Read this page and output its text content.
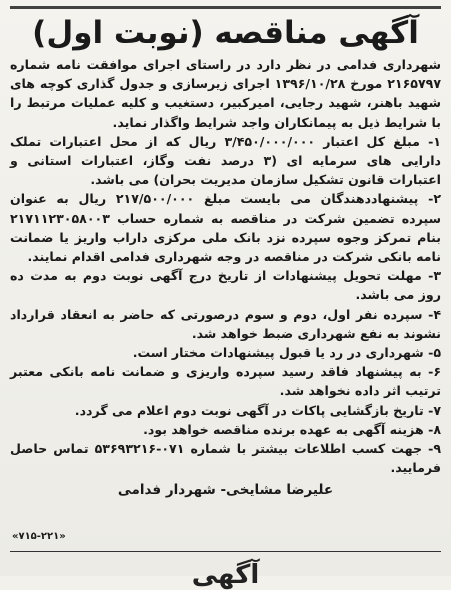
آگهی مناقصه (نوبت اول)

شهرداری فدامی در نظر دارد در راستای اجرای موافقت نامه شماره ۲۱۶۵۷۹۷ مورخ ۱۳۹۶/۱۰/۲۸ اجرای زیرسازی و جدول گذاری کوچه های شهید باهنر، شهید رجایی، امیرکبیر، دستغیب و کلیه عملیات مرتبط را با شرایط ذیل به پیمانکاران واجد شرایط واگذار نماید.

۱- مبلغ کل اعتبار ۳/۴۵۰/۰۰۰/۰۰۰ ریال که از محل اعتبارات تملک دارایی های سرمایه ای (۳ درصد نفت وگاز، اعتبارات استانی و اعتبارات قانون تشکیل سازمان مدیریت بحران) می باشد.

۲- پیشنهاددهندگان می بایست مبلغ ۲۱۷/۵۰۰/۰۰۰ ریال به عنوان سپرده تضمین شرکت در مناقصه به شماره حساب ۲۱۷۱۱۲۳۰۵۸۰۰۳ بنام تمرکز وجوه سپرده نزد بانک ملی مرکزی داراب واریز یا ضمانت نامه بانکی شرکت در مناقصه در وجه شهرداری فدامی اقدام نمایند.

۳- مهلت تحویل پیشنهادات از تاریخ درج آگهی نوبت دوم به مدت ده روز می باشد.

۴- سپرده نفر اول، دوم و سوم درصورتی که حاضر به انعقاد قرارداد نشوند به نفع شهرداری ضبط خواهد شد.

۵- شهرداری در رد یا قبول پیشنهادات مختار است.

۶- به پیشنهاد فاقد رسید سپرده واریزی و ضمانت نامه بانکی معتبر ترتیب اثر داده نخواهد شد.

۷- تاریخ بازگشایی پاکات در آگهی نوبت دوم اعلام می گردد.

۸- هزینه آگهی به عهده برنده مناقصه خواهد بود.

۹- جهت کسب اطلاعات بیشتر با شماره ۰۷۱-۵۳۶۹۳۲۱۶ تماس حاصل فرمایید.

علیرضا مشایخی- شهردار فدامی
«۷۱۵-۲۲۱»
آگهی
